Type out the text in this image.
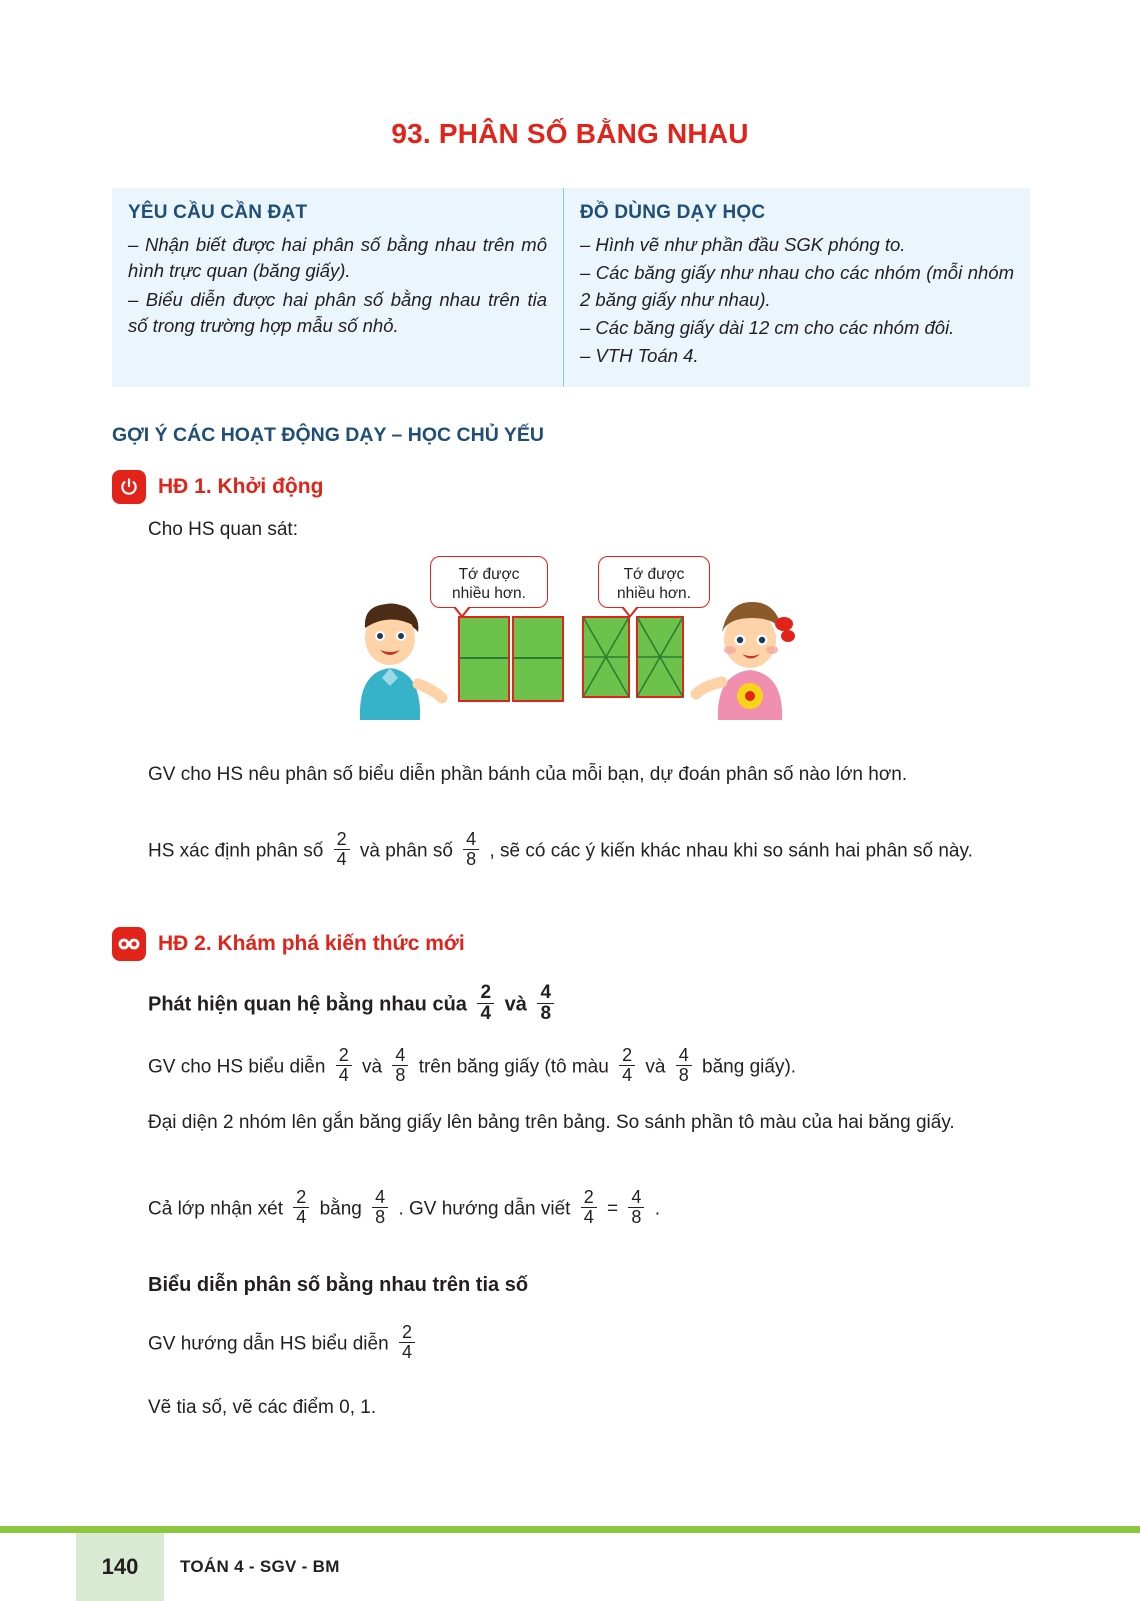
93. PHÂN SỐ BẰNG NHAU
YÊU CẦU CẦN ĐẠT

– Nhận biết được hai phân số bằng nhau trên mô hình trực quan (băng giấy).

– Biểu diễn được hai phân số bằng nhau trên tia số trong trường hợp mẫu số nhỏ.

ĐỒ DÙNG DẠY HỌC

– Hình vẽ như phần đầu SGK phóng to.

– Các băng giấy như nhau cho các nhóm (mỗi nhóm 2 băng giấy như nhau).

– Các băng giấy dài 12 cm cho các nhóm đôi.

– VTH Toán 4.

GỢI Ý CÁC HOẠT ĐỘNG DẠY – HỌC CHỦ YẾU
HĐ 1. Khởi động
Cho HS quan sát:
Tớ được nhiều hơn.
Tớ được nhiều hơn.
GV cho HS nêu phân số biểu diễn phần bánh của mỗi bạn, dự đoán phân số nào lớn hơn.
HS xác định phân số $\frac{2}{4}$ và phân số $\frac{4}{8}$ , sẽ có các ý kiến khác nhau khi so sánh hai phân số này.
HĐ 2. Khám phá kiến thức mới
Phát hiện quan hệ bằng nhau của $\frac{2}{4}$ và $\frac{4}{8}$
GV cho HS biểu diễn $\frac{2}{4}$ và $\frac{4}{8}$ trên băng giấy (tô màu $\frac{2}{4}$ và $\frac{4}{8}$ băng giấy).
Đại diện 2 nhóm lên gắn băng giấy lên bảng trên bảng. So sánh phần tô màu của hai băng giấy.
Cả lớp nhận xét $\frac{2}{4}$ bằng $\frac{4}{8}$ . GV hướng dẫn viết $\frac{2}{4} = \frac{4}{8}$ .
Biểu diễn phân số bằng nhau trên tia số
GV hướng dẫn HS biểu diễn $\frac{2}{4}$
Vẽ tia số, vẽ các điểm 0, 1.
140 TOÁN 4 - SGV - BM
